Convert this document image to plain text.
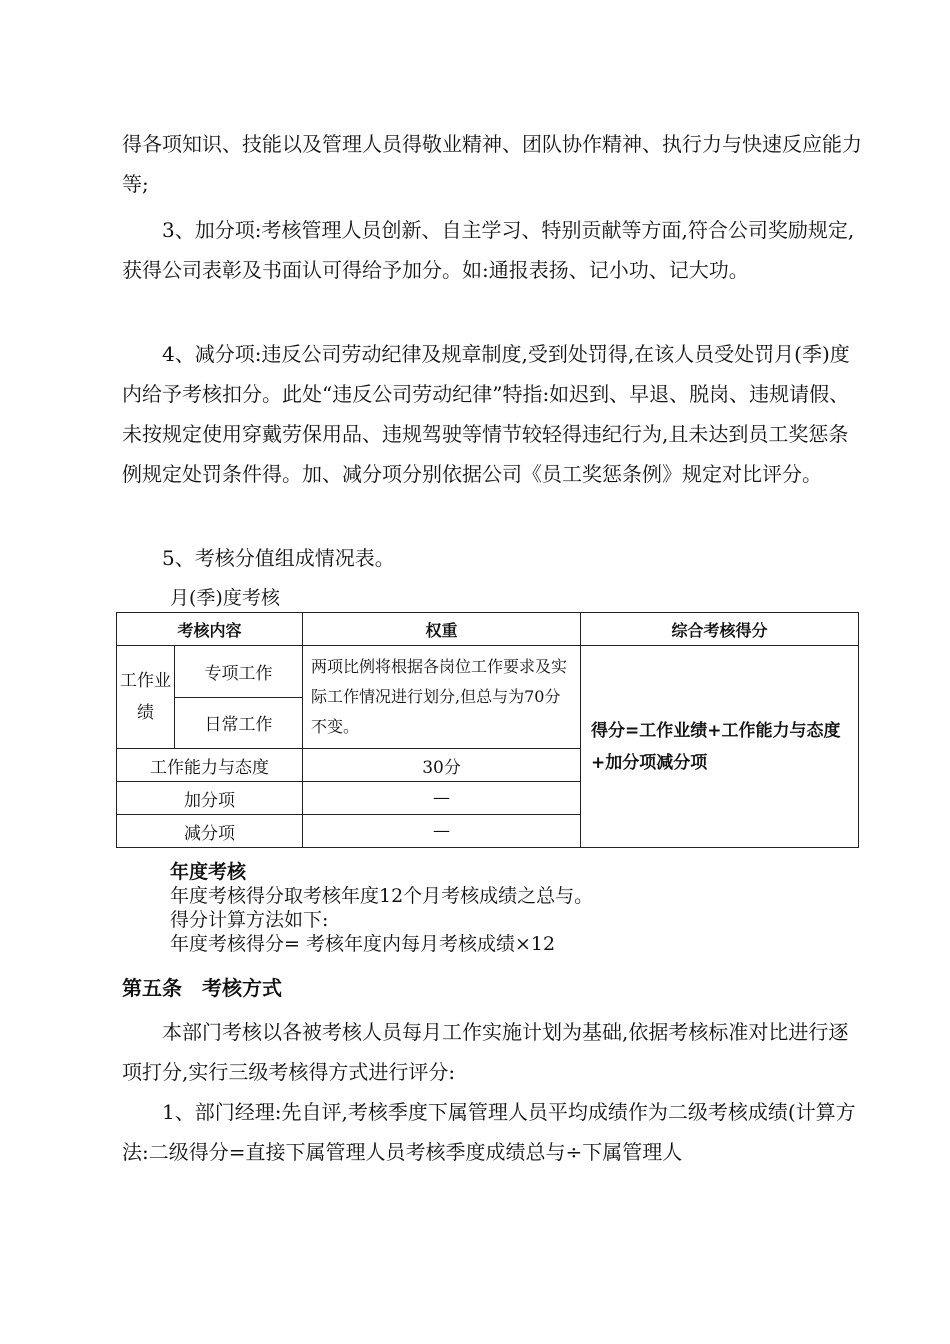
得各项知识、技能以及管理人员得敬业精神、团队协作精神、执行力与快速反应能力等;

3、加分项:考核管理人员创新、自主学习、特别贡献等方面,符合公司奖励规定,获得公司表彰及书面认可得给予加分。如:通报表扬、记小功、记大功。

4、减分项:违反公司劳动纪律及规章制度,受到处罚得,在该人员受处罚月(季)度内给予考核扣分。此处“违反公司劳动纪律”特指:如迟到、早退、脱岗、违规请假、未按规定使用穿戴劳保用品、违规驾驶等情节较轻得违纪行为,且未达到员工奖惩条例规定处罚条件得。加、减分项分别依据公司《员工奖惩条例》规定对比评分。

5、考核分值组成情况表。

月(季)度考核

考核内容		权重	综合考核得分
工作业绩	专项工作	两项比例将根据各岗位工作要求及实际工作情况进行划分,但总与为70分不变。	得分=工作业绩+工作能力与态度+加分项减分项
	日常工作		
工作能力与态度		30分	
加分项		—	
减分项		—	

年度考核

年度考核得分取考核年度12个月考核成绩之总与。

得分计算方法如下:

年度考核得分= 考核年度内每月考核成绩×12

第五条　考核方式

本部门考核以各被考核人员每月工作实施计划为基础,依据考核标准对比进行逐项打分,实行三级考核得方式进行评分:

1、部门经理:先自评,考核季度下属管理人员平均成绩作为二级考核成绩(计算方法:二级得分=直接下属管理人员考核季度成绩总与÷下属管理人
